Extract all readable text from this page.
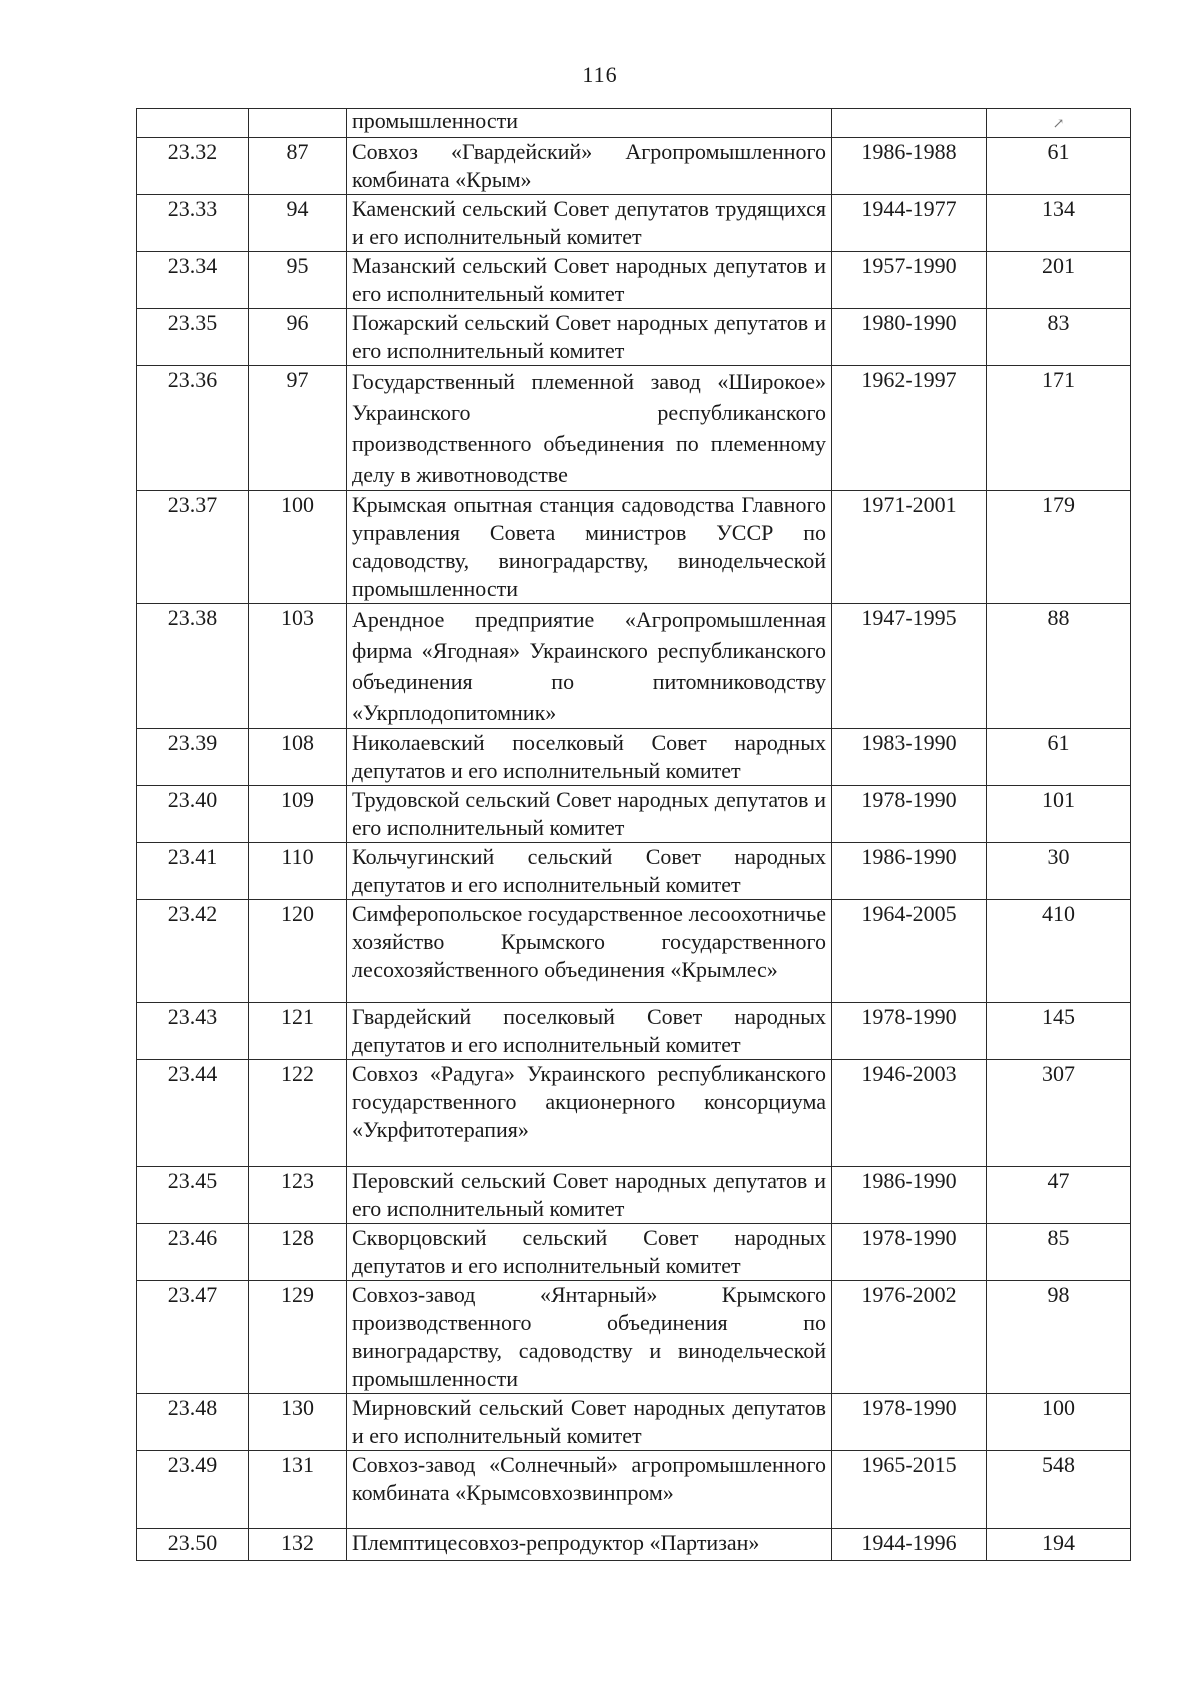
116
		промышленности		↗
23.32	87	Совхоз «Гвардейский» Агропромышленного комбината «Крым»	1986-1988	61
23.33	94	Каменский сельский Совет депутатов трудящихся и его исполнительный комитет	1944-1977	134
23.34	95	Мазанский сельский Совет народных депутатов и его исполнительный комитет	1957-1990	201
23.35	96	Пожарский сельский Совет народных депутатов и его исполнительный комитет	1980-1990	83
23.36	97	Государственный племенной завод «Широкое» Украинского республиканского производственного объединения по племенному делу в животноводстве	1962-1997	171
23.37	100	Крымская опытная станция садоводства Главного управления Совета министров УССР по садоводству, виноградарству, винодельческой промышленности	1971-2001	179
23.38	103	Арендное предприятие «Агропромышленная фирма «Ягодная» Украинского республиканского объединения по питомниководству «Укрплодопитомник»	1947-1995	88
23.39	108	Николаевский поселковый Совет народных депутатов и его исполнительный комитет	1983-1990	61
23.40	109	Трудовской сельский Совет народных депутатов и его исполнительный комитет	1978-1990	101
23.41	110	Кольчугинский сельский Совет народных депутатов и его исполнительный комитет	1986-1990	30
23.42	120	Симферопольское государственное лесоохотничье хозяйство Крымского государственного лесохозяйственного объединения «Крымлес»	1964-2005	410
23.43	121	Гвардейский поселковый Совет народных депутатов и его исполнительный комитет	1978-1990	145
23.44	122	Совхоз «Радуга» Украинского республиканского государственного акционерного консорциума «Укрфитотерапия»	1946-2003	307
23.45	123	Перовский сельский Совет народных депутатов и его исполнительный комитет	1986-1990	47
23.46	128	Скворцовский сельский Совет народных депутатов и его исполнительный комитет	1978-1990	85
23.47	129	Совхоз-завод «Янтарный» Крымского производственного объединения по виноградарству, садоводству и винодельческой промышленности	1976-2002	98
23.48	130	Мирновский сельский Совет народных депутатов и его исполнительный комитет	1978-1990	100
23.49	131	Совхоз-завод «Солнечный» агропромышленного комбината «Крымсовхозвинпром»	1965-2015	548
23.50	132	Племптицесовхоз-репродуктор «Партизан»	1944-1996	194
